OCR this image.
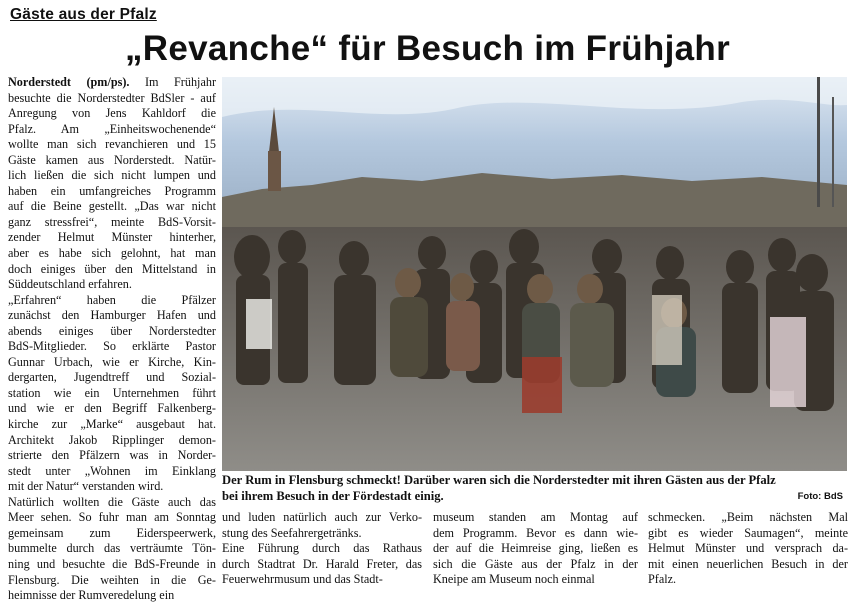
Gäste aus der Pfalz
„Revanche“ für Besuch im Frühjahr
Norderstedt (pm/ps). Im Frühjahr
besuchte die Norderstedter BdSler - auf
Anregung von Jens Kahldorf die
Pfalz. Am „Einheitswochenende“
wollte man sich revanchieren und 15
Gäste kamen aus Norderstedt. Natür-
lich ließen die sich nicht lumpen und
haben ein umfangreiches Programm
auf die Beine gestellt. „Das war nicht
ganz stressfrei“, meinte BdS-Vorsit-
zender Helmut Münster hinterher,
aber es habe sich gelohnt, hat man
doch einiges über den Mittelstand in
Süddeutschland erfahren.
„Erfahren“ haben die Pfälzer
zunächst den Hamburger Hafen und
abends einiges über Norderstedter
BdS-Mitglieder. So erklärte Pastor
Gunnar Urbach, wie er Kirche, Kin-
dergarten, Jugendtreff und Sozial-
station wie ein Unternehmen führt
und wie er den Begriff Falkenberg-
kirche zur „Marke“ ausgebaut hat.
Architekt Jakob Ripplinger demon-
strierte den Pfälzern was in Norder-
stedt unter „Wohnen im Einklang
mit der Natur“ verstanden wird.
Natürlich wollten die Gäste auch das
Meer sehen. So fuhr man am Sonntag
gemeinsam zum Eiderspeerwerk,
bummelte durch das verträumte Tön-
ning und besuchte die BdS-Freunde in
Flensburg. Die weihten in die Ge-
heimnisse der Rumveredelung ein
Der Rum in Flensburg schmeckt! Darüber waren sich die Norderstedter mit ihren Gästen aus der Pfalz
bei ihrem Besuch in der Fördestadt einig.	Foto: BdS
und luden natürlich auch zur Verko-
stung des Seefahrergetränks.
Eine Führung durch das Rathaus
durch Stadtrat Dr. Harald Freter, das
Feuerwehrmusum und das Stadt-
museum standen am Montag auf
dem Programm. Bevor es dann wie-
der auf die Heimreise ging, ließen es
sich die Gäste aus der Pfalz in der
Kneipe am Museum noch einmal
schmecken. „Beim nächsten Mal
gibt es wieder Saumagen“, meinte
Helmut Münster und versprach da-
mit einen neuerlichen Besuch in der
Pfalz.
